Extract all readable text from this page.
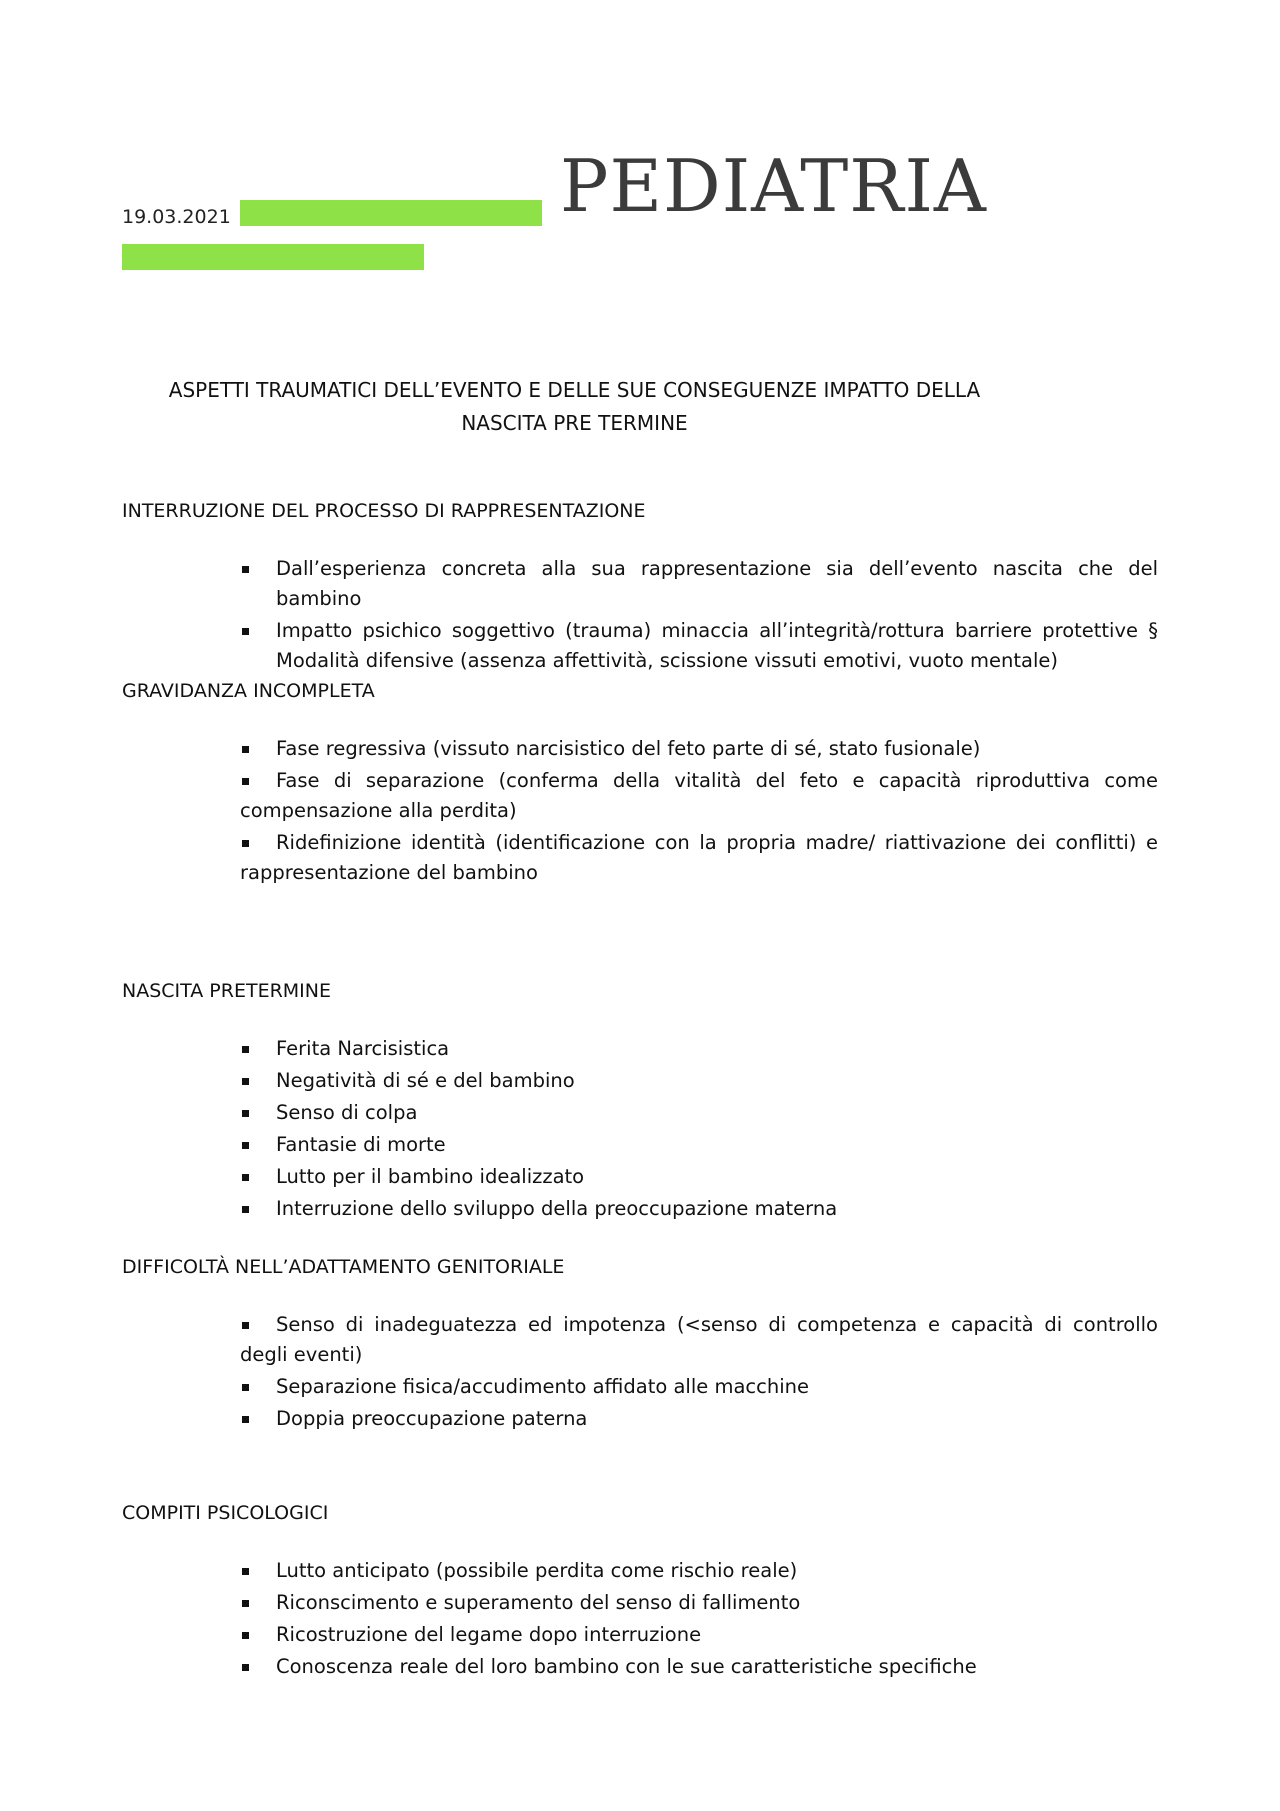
19.03.2021	PEDIATRIA
ASPETTI TRAUMATICI DELL’EVENTO E DELLE SUE CONSEGUENZE IMPATTO DELLA
NASCITA PRE TERMINE
INTERRUZIONE DEL PROCESSO DI RAPPRESENTAZIONE
Dall’esperienza concreta alla sua rappresentazione sia dell’evento nascita che del bambino
Impatto psichico soggettivo (trauma) minaccia all’integrità/rottura barriere protettive § Modalità difensive (assenza affettività, scissione vissuti emotivi, vuoto mentale)
GRAVIDANZA INCOMPLETA
Fase regressiva (vissuto narcisistico del feto parte di sé, stato fusionale)
Fase di separazione (conferma della vitalità del feto e capacità riproduttiva come compensazione alla perdita)
Ridefinizione identità (identificazione con la propria madre/ riattivazione dei conflitti) e rappresentazione del bambino
NASCITA PRETERMINE
Ferita Narcisistica
Negatività di sé e del bambino
Senso di colpa
Fantasie di morte
Lutto per il bambino idealizzato
Interruzione dello sviluppo della preoccupazione materna
DIFFICOLTÀ NELL’ADATTAMENTO GENITORIALE
Senso di inadeguatezza ed impotenza (<senso di competenza e capacità di controllo degli eventi)
Separazione fisica/accudimento affidato alle macchine
Doppia preoccupazione paterna
COMPITI PSICOLOGICI
Lutto anticipato (possibile perdita come rischio reale)
Riconscimento e superamento del senso di fallimento
Ricostruzione del legame dopo interruzione
Conoscenza reale del loro bambino con le sue caratteristiche specifiche
